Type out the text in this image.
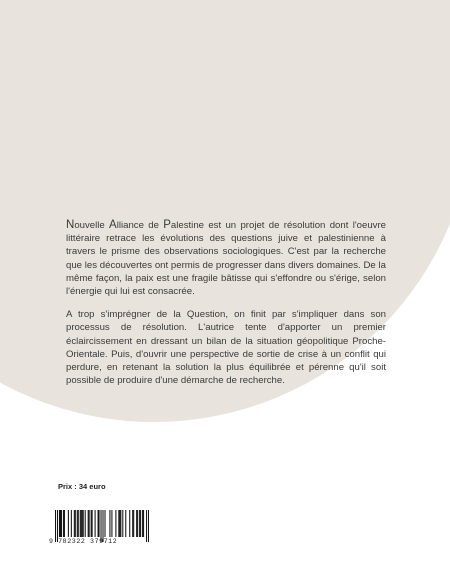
Nouvelle Alliance de Palestine est un projet de résolution dont l'oeuvre littéraire retrace les évolutions des questions juive et palestinienne à travers le prisme des observations sociologiques. C'est par la recherche que les découvertes ont permis de progresser dans divers domaines. De la même façon, la paix est une fragile bâtisse qui s'effondre ou s'érige, selon l'énergie qui lui est consacrée.

A trop s'imprégner de la Question, on finit par s'impliquer dans son processus de résolution. L'autrice tente d'apporter un premier éclaircissement en dressant un bilan de la situation géopolitique Proche- Orientale. Puis, d'ouvrir une perspective de sortie de crise à un conflit qui perdure, en retenant la solution la plus équilibrée et pérenne qu'il soit possible de produire d'une démarche de recherche.

Prix : 34 euro
9 782322 379712
